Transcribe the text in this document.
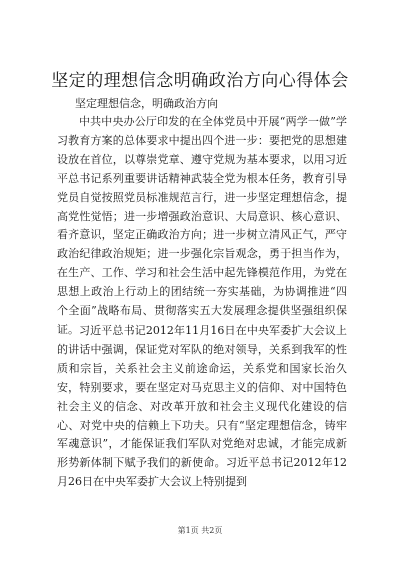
坚定的理想信念明确政治方向心得体会
坚定理想信念，明确政治方向

中共中央办公厅印发的在全体党员中开展“两学一做”学习教育方案的总体要求中提出四个进一步：要把党的思想建设放在首位，以尊崇党章、遵守党规为基本要求，以用习近平总书记系列重要讲话精神武装全党为根本任务，教育引导党员自觉按照党员标准规范言行，进一步坚定理想信念，提高党性觉悟；进一步增强政治意识、大局意识、核心意识、看齐意识，坚定正确政治方向；进一步树立清风正气，严守政治纪律政治规矩；进一步强化宗旨观念，勇于担当作为，在生产、工作、学习和社会生活中起先锋模范作用，为党在思想上政治上行动上的团结统一夯实基础，为协调推进“四个全面”战略布局、贯彻落实五大发展理念提供坚强组织保证。 习近平总书记2012年11月16日在中央军委扩大会议上的讲话中强调，保证党对军队的绝对领导，关系到我军的性质和宗旨，关系社会主义前途命运，关系党和国家长治久安，特别要求，要在坚定对马克思主义的信仰、对中国特色社会主义的信念、对改革开放和社会主义现代化建设的信心、对党中央的信赖上下功夫。只有“坚定理想信念，铸牢军魂意识”，才能保证我们军队对党绝对忠诚，才能完成新形势新体制下赋予我们的新使命。习近平总书记2012年12月26日在中央军委扩大会议上特别提到

第1页 共2页
